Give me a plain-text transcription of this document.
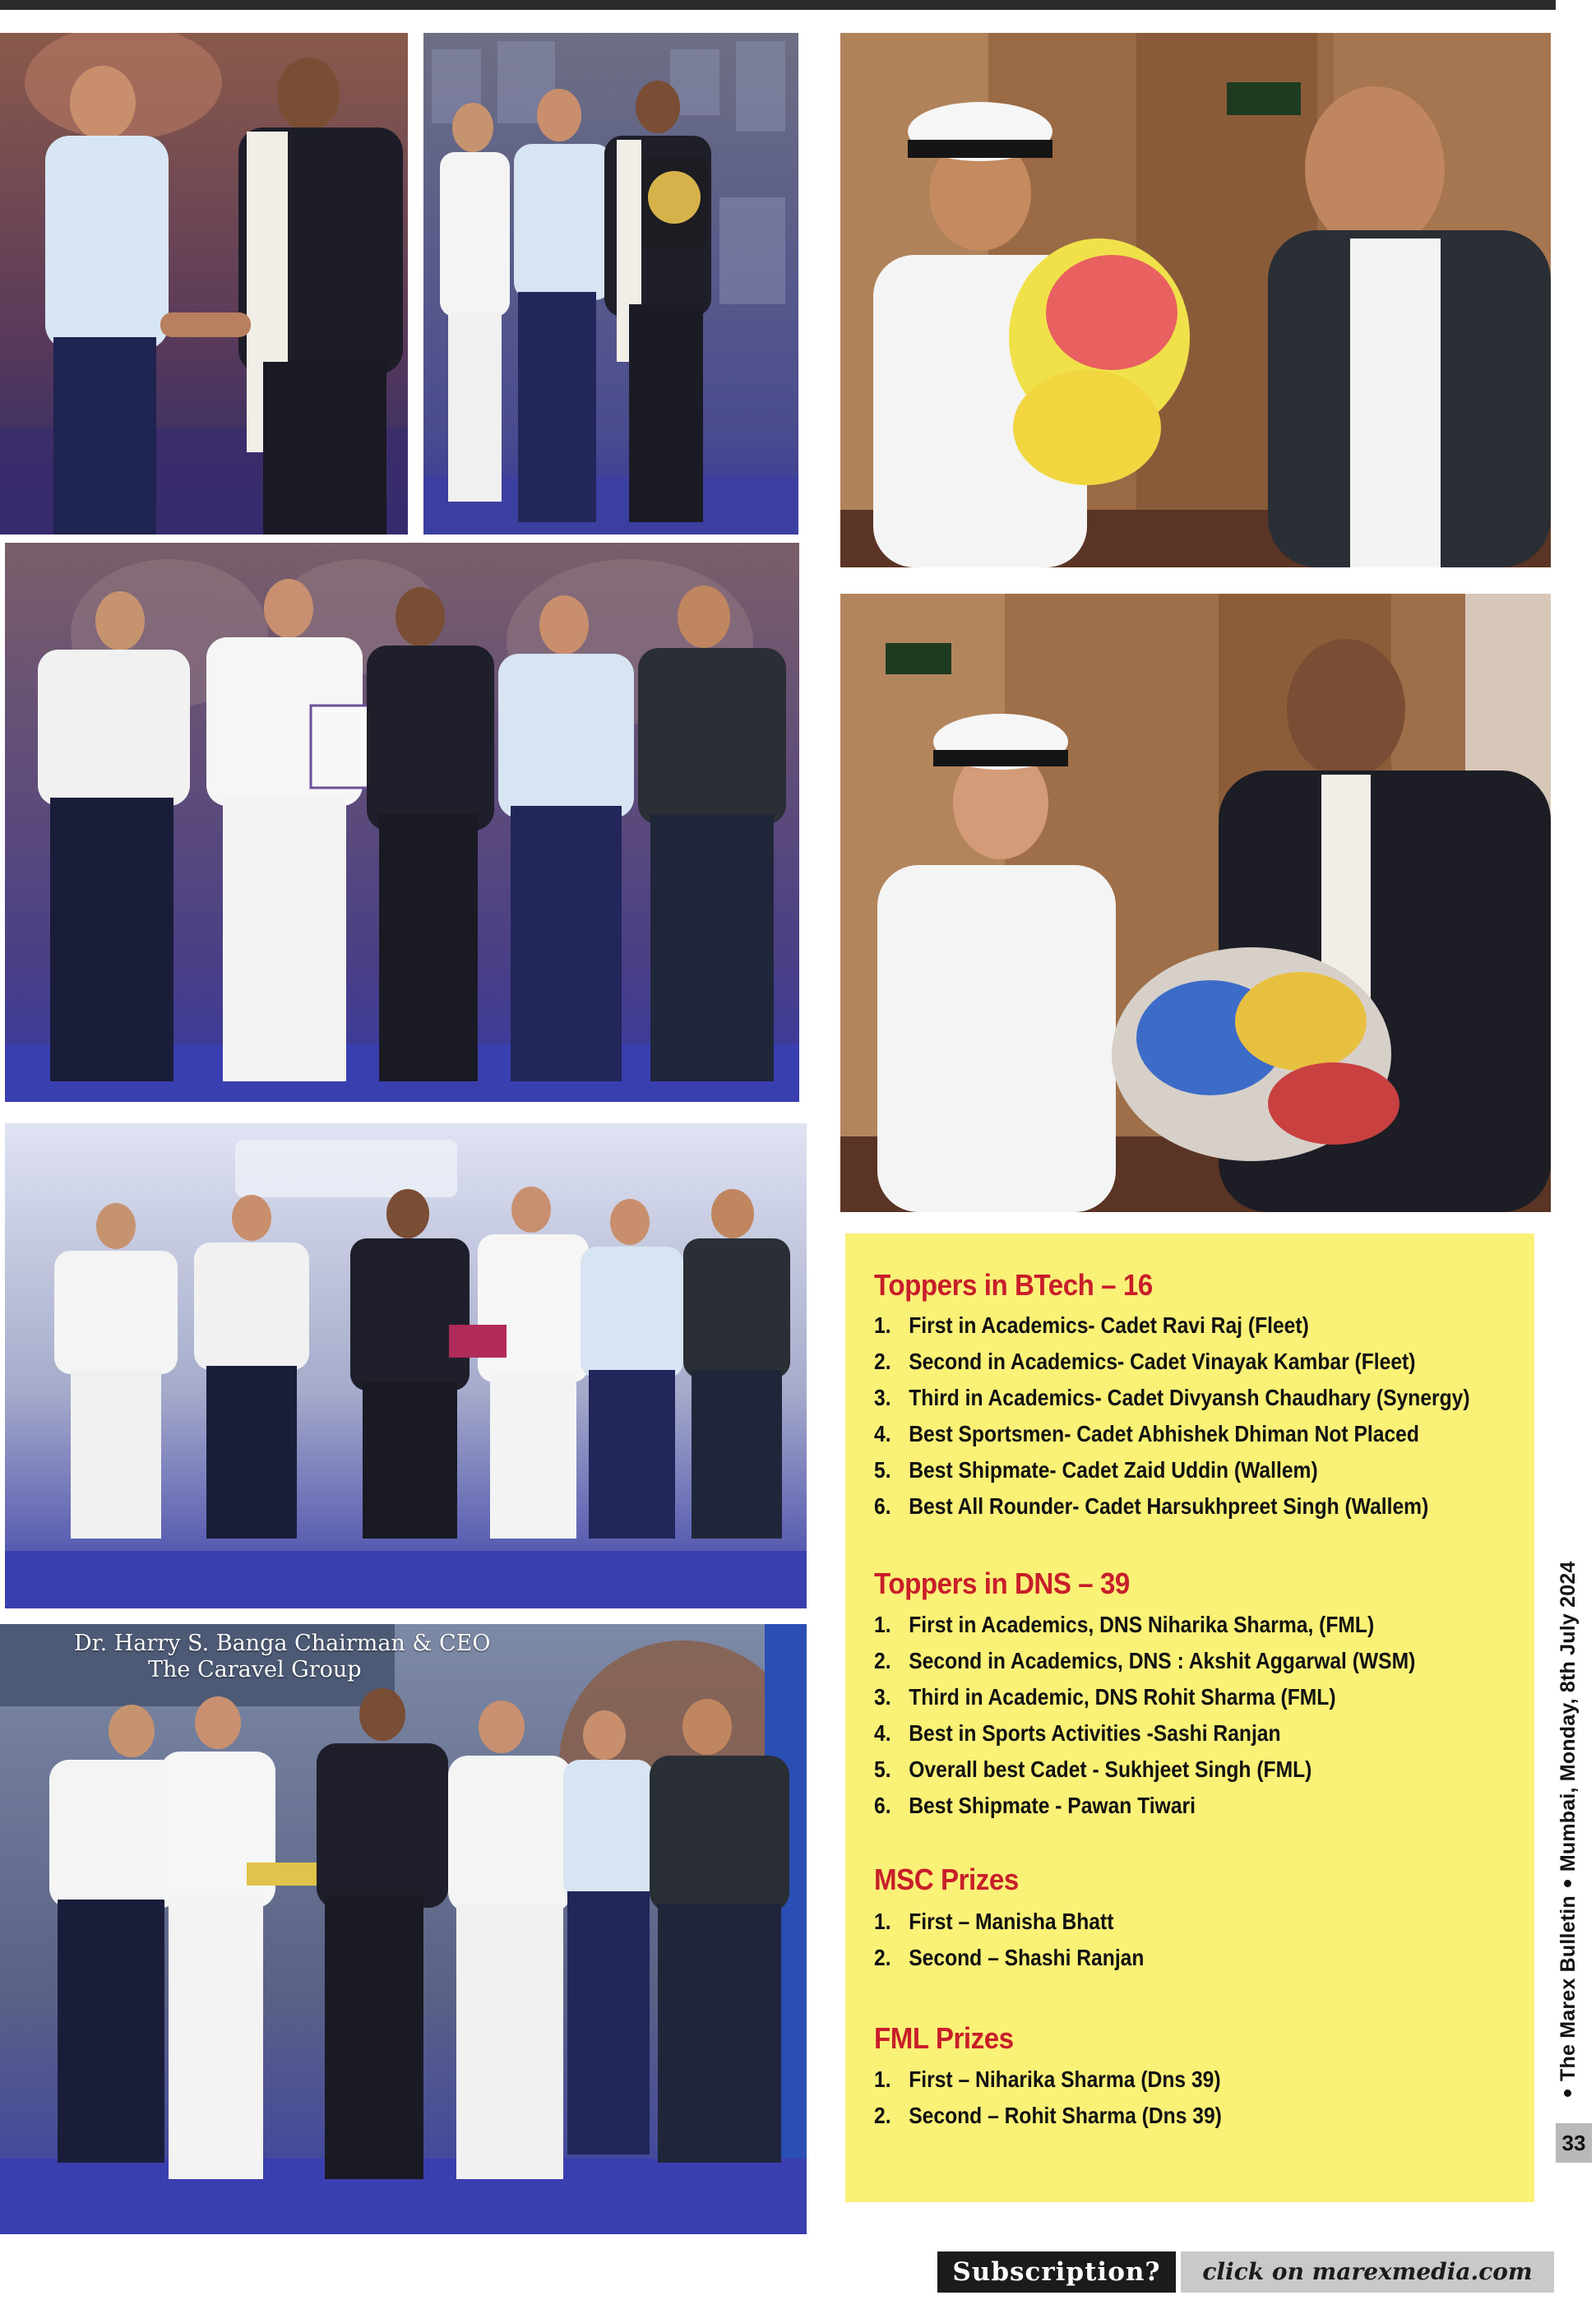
Dr. Harry S. Banga Chairman & CEO
The Caravel Group
Toppers in BTech – 16
1. First in Academics- Cadet Ravi Raj (Fleet)
2. Second in Academics- Cadet Vinayak Kambar (Fleet)
3. Third in Academics- Cadet Divyansh Chaudhary (Synergy)
4. Best Sportsmen- Cadet Abhishek Dhiman Not Placed
5. Best Shipmate- Cadet Zaid Uddin (Wallem)
6. Best All Rounder- Cadet Harsukhpreet Singh (Wallem)
Toppers in DNS – 39
1. First in Academics, DNS Niharika Sharma, (FML)
2. Second in Academics, DNS : Akshit Aggarwal (WSM)
3. Third in Academic, DNS Rohit Sharma (FML)
4. Best in Sports Activities -Sashi Ranjan
5. Overall best Cadet - Sukhjeet Singh (FML)
6. Best Shipmate - Pawan Tiwari
MSC Prizes
1. First – Manisha Bhatt
2. Second – Shashi Ranjan
FML Prizes
1. First – Niharika Sharma (Dns 39)
2. Second – Rohit Sharma (Dns 39)
The Marex BulletinMumbai, Monday, 8th July 2024
33
Subscription?	click on marexmedia.com
